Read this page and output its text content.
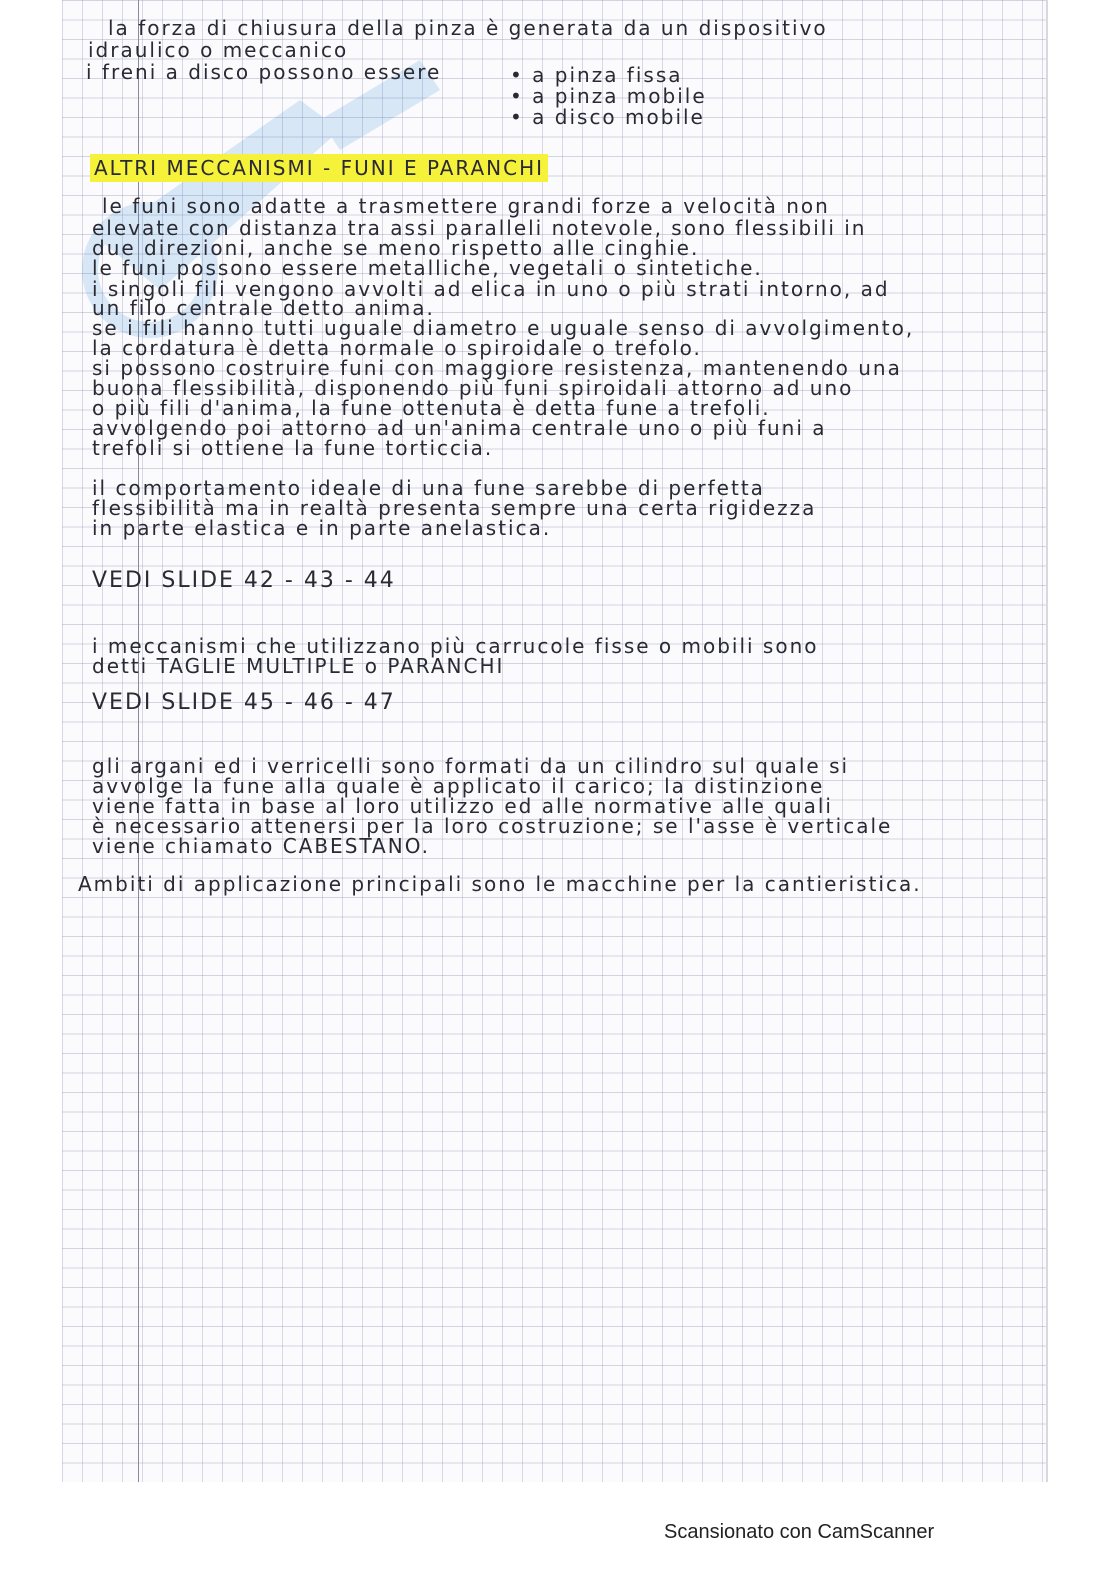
la forza di chiusura della pinza è generata da un dispositivo
idraulico o meccanico
i freni a disco possono essere	• a pinza fissa
• a pinza mobile
• a disco mobile
ALTRI MECCANISMI - FUNI E PARANCHI
le funi sono adatte a trasmettere grandi forze a velocità non
elevate con distanza tra assi paralleli notevole, sono flessibili in
due direzioni, anche se meno rispetto alle cinghie.
le funi possono essere metalliche, vegetali o sintetiche.
i singoli fili vengono avvolti ad elica in uno o più strati intorno, ad
un filo centrale detto anima.
se i fili hanno tutti uguale diametro e uguale senso di avvolgimento,
la cordatura è detta normale o spiroidale o trefolo.
si possono costruire funi con maggiore resistenza, mantenendo una
buona flessibilità, disponendo più funi spiroidali attorno ad uno
o più fili d'anima, la fune ottenuta è detta fune a trefoli.
avvolgendo poi attorno ad un'anima centrale uno o più funi a
trefoli si ottiene la fune torticcia.
il comportamento ideale di una fune sarebbe di perfetta
flessibilità ma in realtà presenta sempre una certa rigidezza
in parte elastica e in parte anelastica.
VEDI SLIDE 42 - 43 - 44
i meccanismi che utilizzano più carrucole fisse o mobili sono
detti TAGLIE MULTIPLE o PARANCHI
VEDI SLIDE 45 - 46 - 47
gli argani ed i verricelli sono formati da un cilindro sul quale si
avvolge la fune alla quale è applicato il carico; la distinzione
viene fatta in base al loro utilizzo ed alle normative alle quali
è necessario attenersi per la loro costruzione; se l'asse è verticale
viene chiamato CABESTANO.
Ambiti di applicazione principali sono le macchine per la cantieristica.
Scansionato con CamScanner
